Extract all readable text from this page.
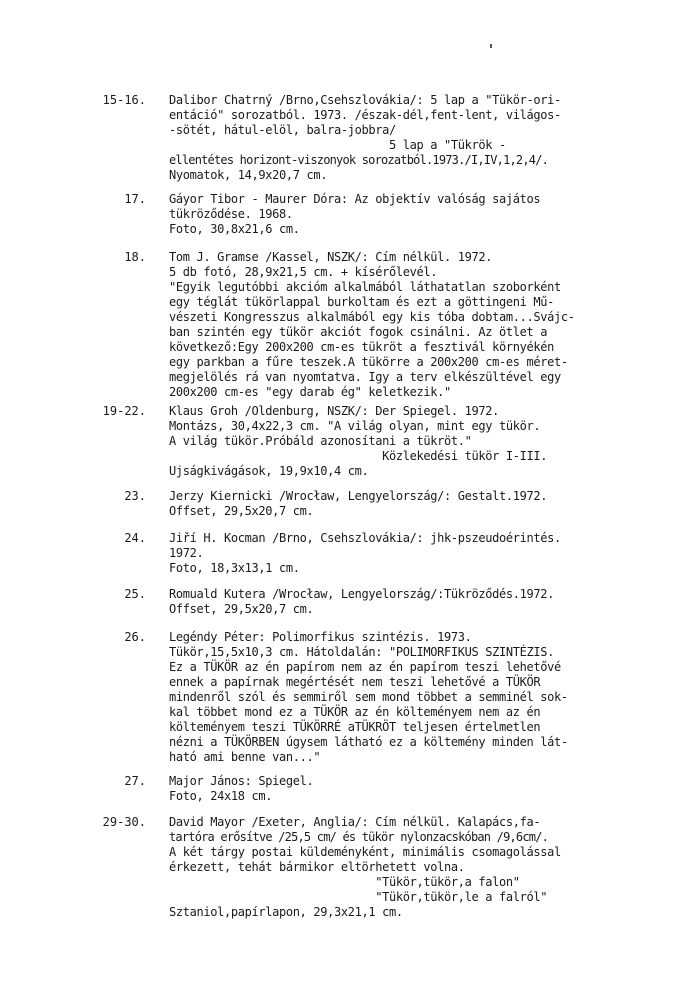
15-16. Dalibor Chatrný /Brno,Csehszlovákia/: 5 lap a "Tükör-ori-
entáció" sorozatból. 1973. /észak-dél,fent-lent, világos-
-sötét, hátul-elöl, balra-jobbra/
5 lap a "Tükrök -
ellentétes horizont-viszonyok sorozatból.1973./I,IV,1,2,4/.
Nyomatok, 14,9x20,7 cm.
17. Gáyor Tibor - Maurer Dóra: Az objektív valóság sajátos
tükröződése. 1968.
Foto, 30,8x21,6 cm.
18. Tom J. Gramse /Kassel, NSZK/: Cím nélkül. 1972.
5 db fotó, 28,9x21,5 cm. + kísérőlevél.
"Egyik legutóbbi akcióm alkalmából láthatatlan szoborként
egy téglát tükörlappal burkoltam és ezt a göttingeni Mű-
vészeti Kongresszus alkalmából egy kis tóba dobtam...Svájc-
ban szintén egy tükör akciót fogok csinálni. Az ötlet a
következő:Egy 200x200 cm-es tükröt a fesztivál környékén
egy parkban a fűre teszek.A tükörre a 200x200 cm-es méret-
megjelölés rá van nyomtatva. Igy a terv elkészültével egy
200x200 cm-es "egy darab ég" keletkezik."
19-22. Klaus Groh /Oldenburg, NSZK/: Der Spiegel. 1972.
Montázs, 30,4x22,3 cm. "A világ olyan, mint egy tükör.
A világ tükör.Próbáld azonosítani a tükröt."
Közlekedési tükör I-III.
Ujságkivágások, 19,9x10,4 cm.
23. Jerzy Kiernicki /Wrocław, Lengyelország/: Gestalt.1972.
Offset, 29,5x20,7 cm.
24. Jiří H. Kocman /Brno, Csehszlovákia/: jhk-pszeudoérintés.
1972.
Foto, 18,3x13,1 cm.
25. Romuald Kutera /Wrocław, Lengyelország/:Tükröződés.1972.
Offset, 29,5x20,7 cm.
26. Legéndy Péter: Polimorfikus szintézis. 1973.
Tükör,15,5x10,3 cm. Hátoldalán: "POLIMORFIKUS SZINTÉZIS.
Ez a TÜKÖR az én papírom nem az én papírom teszi lehetővé
ennek a papírnak megértését nem teszi lehetővé a TÜKÖR
mindenről szól és semmiről sem mond többet a semminél sok-
kal többet mond ez a TÜKÖR az én költeményem nem az én
költeményem teszi TÜKÖRRÉ aTÜKRÖT teljesen értelmetlen
nézni a TÜKÖRBEN úgysem látható ez a költemény minden lát-
ható ami benne van..."
27. Major János: Spiegel.
Foto, 24x18 cm.
29-30. David Mayor /Exeter, Anglia/: Cím nélkül. Kalapács,fa-
tartóra erősítve /25,5 cm/ és tükör nylonzacskóban /9,6cm/.
A két tárgy postai küldeményként, minimális csomagolással
érkezett, tehát bármikor eltörhetett volna.
"Tükör,tükör,a falon"
"Tükör,tükör,le a falról"
Sztaniol,papírlapon, 29,3x21,1 cm.
